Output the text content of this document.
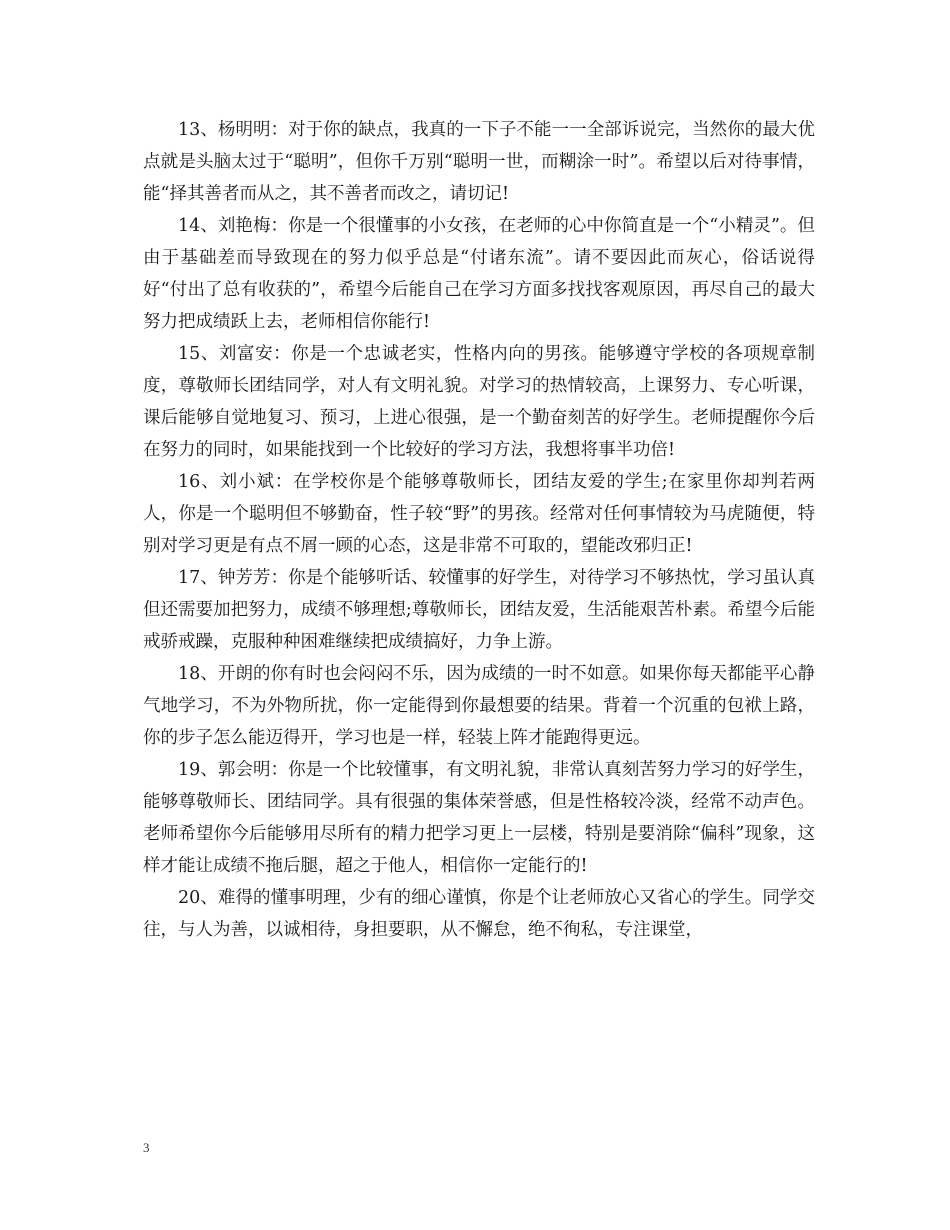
13、杨明明：对于你的缺点，我真的一下子不能一一全部诉说完，当然你的最大优点就是头脑太过于“聪明”，但你千万别“聪明一世，而糊涂一时”。希望以后对待事情，能“择其善者而从之，其不善者而改之，请切记!

14、刘艳梅：你是一个很懂事的小女孩，在老师的心中你简直是一个“小精灵”。但由于基础差而导致现在的努力似乎总是“付诸东流”。请不要因此而灰心，俗话说得好“付出了总有收获的”，希望今后能自己在学习方面多找找客观原因，再尽自己的最大努力把成绩跃上去，老师相信你能行!

15、刘富安：你是一个忠诚老实，性格内向的男孩。能够遵守学校的各项规章制度，尊敬师长团结同学，对人有文明礼貌。对学习的热情较高，上课努力、专心听课，课后能够自觉地复习、预习，上进心很强，是一个勤奋刻苦的好学生。老师提醒你今后在努力的同时，如果能找到一个比较好的学习方法，我想将事半功倍!

16、刘小斌：在学校你是个能够尊敬师长，团结友爱的学生;在家里你却判若两人，你是一个聪明但不够勤奋，性子较“野”的男孩。经常对任何事情较为马虎随便，特别对学习更是有点不屑一顾的心态，这是非常不可取的，望能改邪归正!

17、钟芳芳：你是个能够听话、较懂事的好学生，对待学习不够热忱，学习虽认真但还需要加把努力，成绩不够理想;尊敬师长，团结友爱，生活能艰苦朴素。希望今后能戒骄戒躁，克服种种困难继续把成绩搞好，力争上游。

18、开朗的你有时也会闷闷不乐，因为成绩的一时不如意。如果你每天都能平心静气地学习，不为外物所扰，你一定能得到你最想要的结果。背着一个沉重的包袱上路，你的步子怎么能迈得开，学习也是一样，轻装上阵才能跑得更远。

19、郭会明：你是一个比较懂事，有文明礼貌，非常认真刻苦努力学习的好学生，能够尊敬师长、团结同学。具有很强的集体荣誉感，但是性格较冷淡，经常不动声色。老师希望你今后能够用尽所有的精力把学习更上一层楼，特别是要消除“偏科”现象，这样才能让成绩不拖后腿，超之于他人，相信你一定能行的!

20、难得的懂事明理，少有的细心谨慎，你是个让老师放心又省心的学生。同学交往，与人为善，以诚相待，身担要职，从不懈怠，绝不徇私，专注课堂，

3
